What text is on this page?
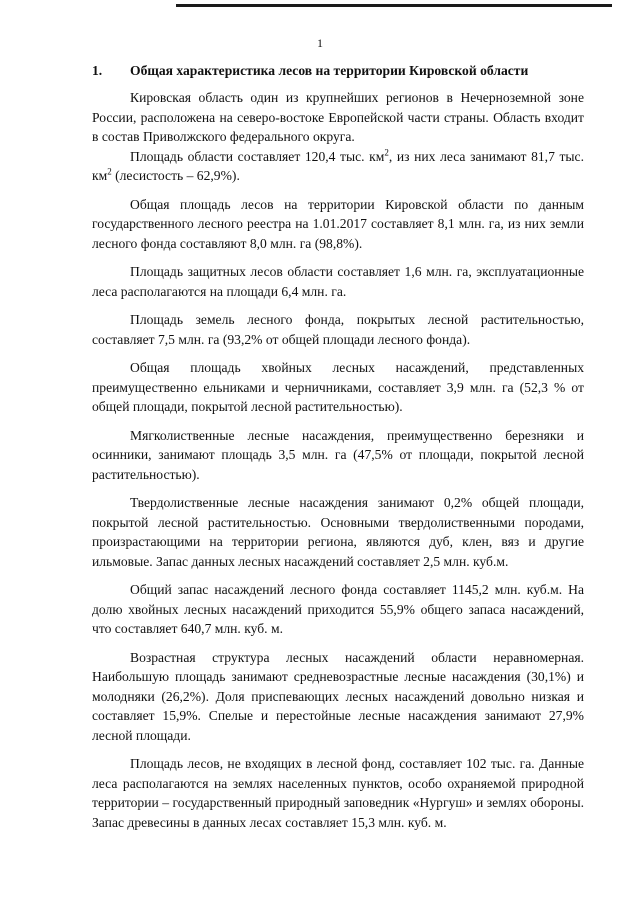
1
1.	Общая характеристика лесов на территории Кировской области

Кировская область один из крупнейших регионов в Нечерноземной зоне России, расположена на северо-востоке Европейской части страны. Область входит в состав Приволжского федерального округа.

Площадь области составляет 120,4 тыс. $км^2$, из них леса занимают 81,7 тыс. $км^2$ (лесистость – 62,9%).

Общая площадь лесов на территории Кировской области по данным государственного лесного реестра на 1.01.2017 составляет 8,1 млн. га, из них земли лесного фонда составляют 8,0 млн. га (98,8%).

Площадь защитных лесов области составляет 1,6 млн. га, эксплуатационные леса располагаются на площади 6,4 млн. га.

Площадь земель лесного фонда, покрытых лесной растительностью, составляет 7,5 млн. га (93,2% от общей площади лесного фонда).

Общая площадь хвойных лесных насаждений, представленных преимущественно ельниками и черничниками, составляет 3,9 млн. га (52,3 % от общей площади, покрытой лесной растительностью).

Мягколиственные лесные насаждения, преимущественно березняки и осинники, занимают площадь 3,5 млн. га (47,5% от площади, покрытой лесной растительностью).

Твердолиственные лесные насаждения занимают 0,2% общей площади, покрытой лесной растительностью. Основными твердолиственными породами, произрастающими на территории региона, являются дуб, клен, вяз и другие ильмовые. Запас данных лесных насаждений составляет 2,5 млн. куб.м.

Общий запас насаждений лесного фонда составляет 1145,2 млн. куб.м. На долю хвойных лесных насаждений приходится 55,9% общего запаса насаждений, что составляет 640,7 млн. куб. м.

Возрастная структура лесных насаждений области неравномерная. Наибольшую площадь занимают средневозрастные лесные насаждения (30,1%) и молодняки (26,2%). Доля приспевающих лесных насаждений довольно низкая и составляет 15,9%. Спелые и перестойные лесные насаждения занимают 27,9% лесной площади.

Площадь лесов, не входящих в лесной фонд, составляет 102 тыс. га. Данные леса располагаются на землях населенных пунктов, особо охраняемой природной территории – государственный природный заповедник «Нургуш» и землях обороны. Запас древесины в данных лесах составляет 15,3 млн. куб. м.
